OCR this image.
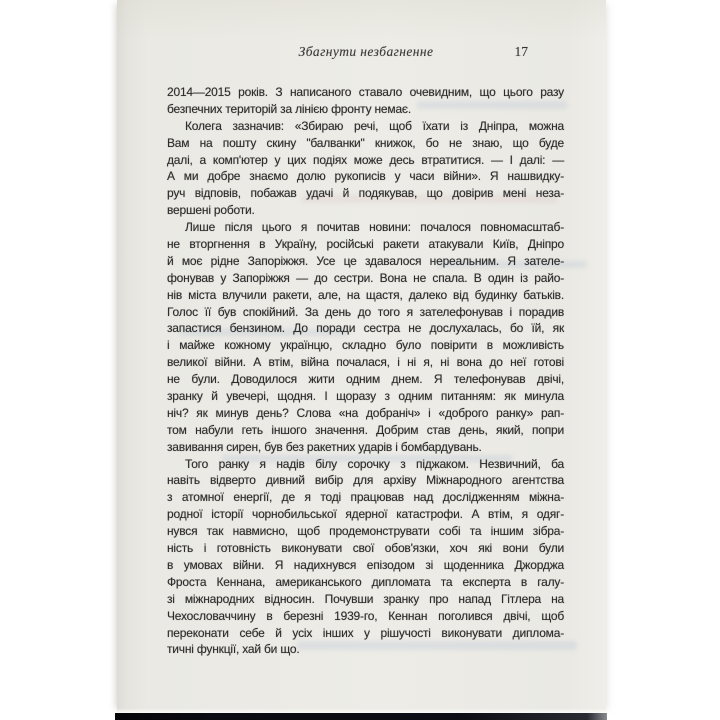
Збагнути незбагненне	17
2014—2015 років. З написаного ставало очевидним, що цього разу
безпечних територій за лінією фронту немає.
Колега зазначив: «Збираю речі, щоб їхати із Дніпра, можна
Вам на пошту скину "балванки" книжок, бо не знаю, що буде
далі, а комп'ютер у цих подіях може десь втратитися. — І далі: —
А ми добре знаємо долю рукописів у часи війни». Я нашвидку-
руч відповів, побажав удачі й подякував, що довірив мені неза-
вершені роботи.
Лише після цього я почитав новини: почалося повномасштаб-
не вторгнення в Україну, російські ракети атакували Київ, Дніпро
й моє рідне Запоріжжя. Усе це здавалося нереальним. Я зателе-
фонував у Запоріжжя — до сестри. Вона не спала. В один із райо-
нів міста влучили ракети, але, на щастя, далеко від будинку батьків.
Голос її був спокійний. За день до того я зателефонував і порадив
запастися бензином. До поради сестра не дослухалась, бо їй, як
і майже кожному українцю, складно було повірити в можливість
великої війни. А втім, війна почалася, і ні я, ні вона до неї готові
не були. Доводилося жити одним днем. Я телефонував двічі,
зранку й увечері, щодня. І щоразу з одним питанням: як минула
ніч? як минув день? Слова «на добраніч» і «доброго ранку» рап-
том набули геть іншого значення. Добрим став день, який, попри
завивання сирен, був без ракетних ударів і бомбардувань.
Того ранку я надів білу сорочку з піджаком. Незвичний, ба
навіть відверто дивний вибір для архіву Міжнародного агентства
з атомної енергії, де я тоді працював над дослідженням міжна-
родної історії чорнобильської ядерної катастрофи. А втім, я одяг-
нувся так навмисно, щоб продемонструвати собі та іншим зібра-
ність і готовність виконувати свої обов'язки, хоч які вони були
в умовах війни. Я надихнувся епізодом зі щоденника Джорджа
Фроста Кеннана, американського дипломата та експерта в галу-
зі міжнародних відносин. Почувши зранку про напад Гітлера на
Чехословаччину в березні 1939-го, Кеннан поголився двічі, щоб
переконати себе й усіх інших у рішучості виконувати диплома-
тичні функції, хай би що.
